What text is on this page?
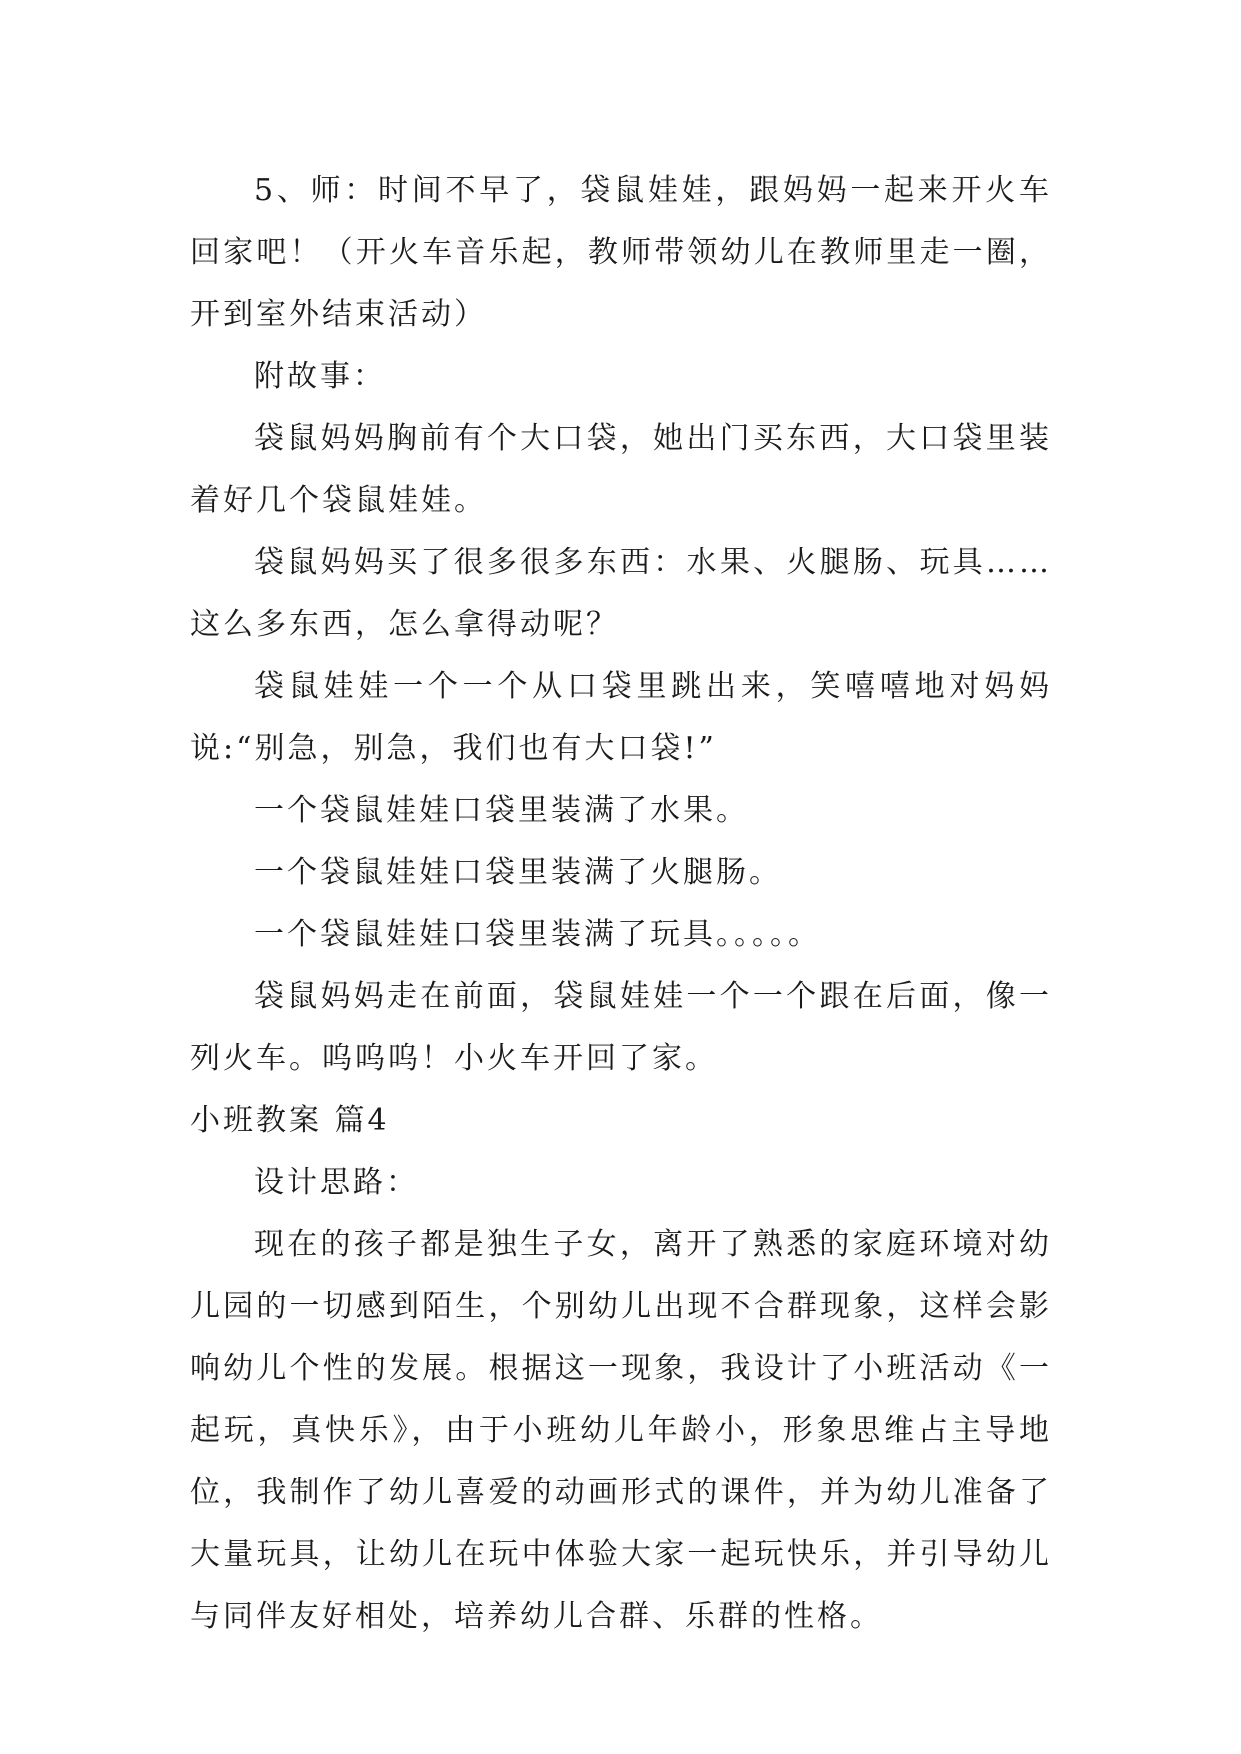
5、师：时间不早了，袋鼠娃娃，跟妈妈一起来开火车回家吧！（开火车音乐起，教师带领幼儿在教师里走一圈，开到室外结束活动）

附故事：

袋鼠妈妈胸前有个大口袋，她出门买东西，大口袋里装着好几个袋鼠娃娃。

袋鼠妈妈买了很多很多东西：水果、火腿肠、玩具……这么多东西，怎么拿得动呢？

袋鼠娃娃一个一个从口袋里跳出来，笑嘻嘻地对妈妈说:“别急，别急，我们也有大口袋!”

一个袋鼠娃娃口袋里装满了水果。

一个袋鼠娃娃口袋里装满了火腿肠。

一个袋鼠娃娃口袋里装满了玩具。。。。。

袋鼠妈妈走在前面，袋鼠娃娃一个一个跟在后面，像一列火车。呜呜呜！小火车开回了家。

小班教案 篇4

设计思路：

现在的孩子都是独生子女，离开了熟悉的家庭环境对幼儿园的一切感到陌生，个别幼儿出现不合群现象，这样会影响幼儿个性的发展。根据这一现象，我设计了小班活动《一起玩，真快乐》，由于小班幼儿年龄小，形象思维占主导地位，我制作了幼儿喜爱的动画形式的课件，并为幼儿准备了大量玩具，让幼儿在玩中体验大家一起玩快乐，并引导幼儿与同伴友好相处，培养幼儿合群、乐群的性格。
